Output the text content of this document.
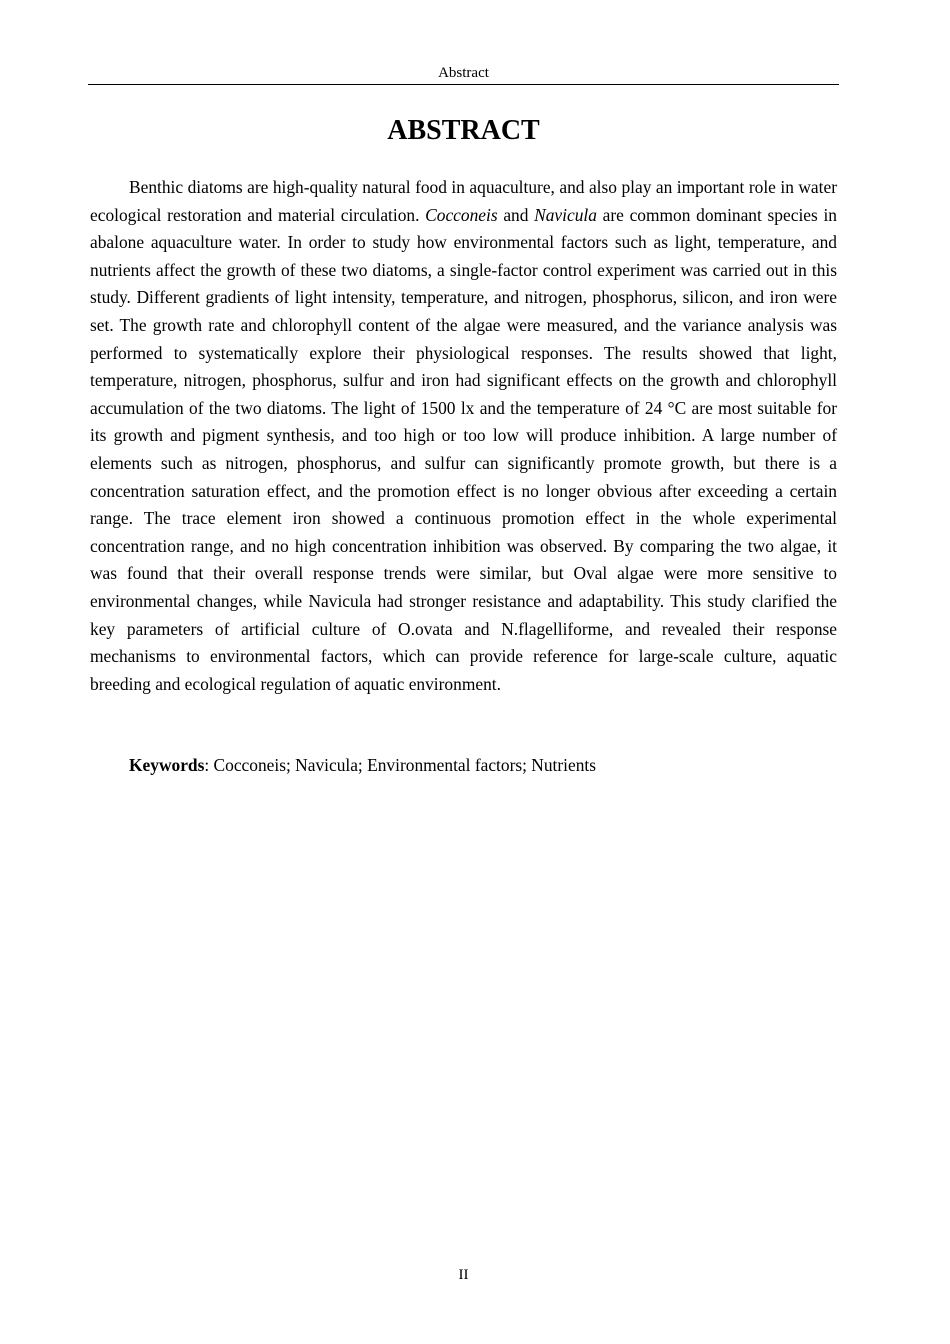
Abstract
ABSTRACT

Benthic diatoms are high-quality natural food in aquaculture, and also play an important role in water ecological restoration and material circulation. Cocconeis and Navicula are common dominant species in abalone aquaculture water. In order to study how environmental factors such as light, temperature, and nutrients affect the growth of these two diatoms, a single-factor control experiment was carried out in this study. Different gradients of light intensity, temperature, and nitrogen, phosphorus, silicon, and iron were set. The growth rate and chlorophyll content of the algae were measured, and the variance analysis was performed to systematically explore their physiological responses. The results showed that light, temperature, nitrogen, phosphorus, sulfur and iron had significant effects on the growth and chlorophyll accumulation of the two diatoms. The light of 1500 lx and the temperature of 24 °C are most suitable for its growth and pigment synthesis, and too high or too low will produce inhibition. A large number of elements such as nitrogen, phosphorus, and sulfur can significantly promote growth, but there is a concentration saturation effect, and the promotion effect is no longer obvious after exceeding a certain range. The trace element iron showed a continuous promotion effect in the whole experimental concentration range, and no high concentration inhibition was observed. By comparing the two algae, it was found that their overall response trends were similar, but Oval algae were more sensitive to environmental changes, while Navicula had stronger resistance and adaptability. This study clarified the key parameters of artificial culture of O.ovata and N.flagelliforme, and revealed their response mechanisms to environmental factors, which can provide reference for large-scale culture, aquatic breeding and ecological regulation of aquatic environment.

Keywords: Cocconeis; Navicula; Environmental factors; Nutrients

II
